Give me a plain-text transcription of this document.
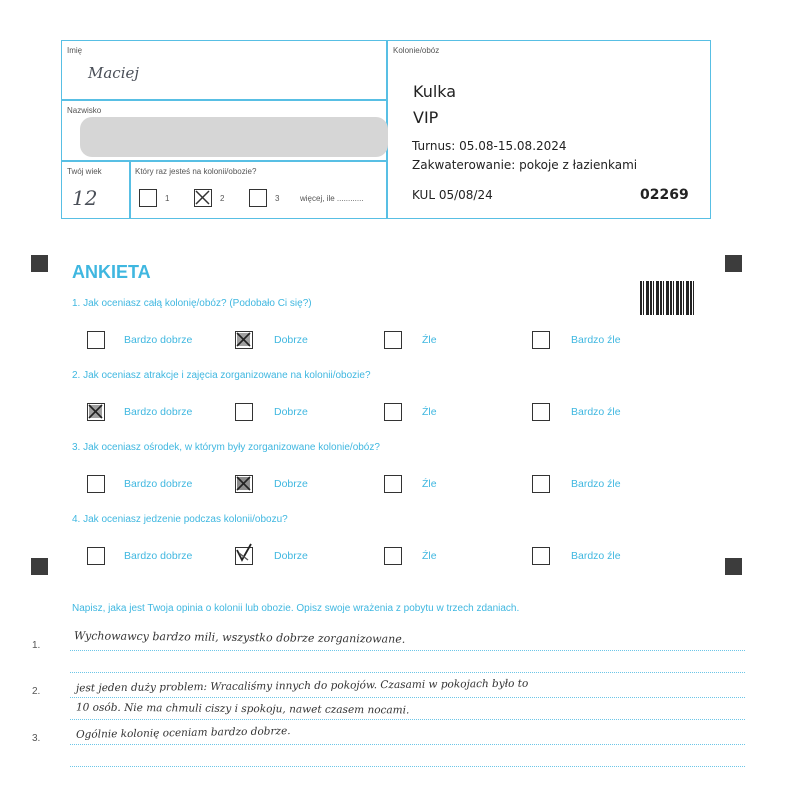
Imię
Maciej
Nazwisko
Twój wiek
12
Który raz jesteś na kolonii/obozie?
1	2	3	więcej, ile ............
Kolonie/obóz
Kulka
VIP
Turnus: 05.08-15.08.2024
Zakwaterowanie: pokoje z łazienkami
KUL 05/08/24	02269
ANKIETA
1. Jak oceniasz całą kolonię/obóz? (Podobało Ci się?)
Bardzo dobrze	Dobrze	Źle	Bardzo źle
2. Jak oceniasz atrakcje i zajęcia zorganizowane na kolonii/obozie?
Bardzo dobrze	Dobrze	Źle	Bardzo źle
3. Jak oceniasz ośrodek, w którym były zorganizowane kolonie/obóz?
Bardzo dobrze	Dobrze	Źle	Bardzo źle
4. Jak oceniasz jedzenie podczas kolonii/obozu?
Bardzo dobrze	Dobrze	Źle	Bardzo źle
Napisz, jaka jest Twoja opinia o kolonii lub obozie. Opisz swoje wrażenia z pobytu w trzech zdaniach.
1.
2.
3.
Wychowawcy bardzo mili, wszystko dobrze zorganizowane.
jest jeden duży problem: Wracaliśmy innych do pokojów. Czasami w pokojach było to
10 osób. Nie ma chmuli ciszy i spokoju, nawet czasem nocami.
Ogólnie kolonię oceniam bardzo dobrze.
